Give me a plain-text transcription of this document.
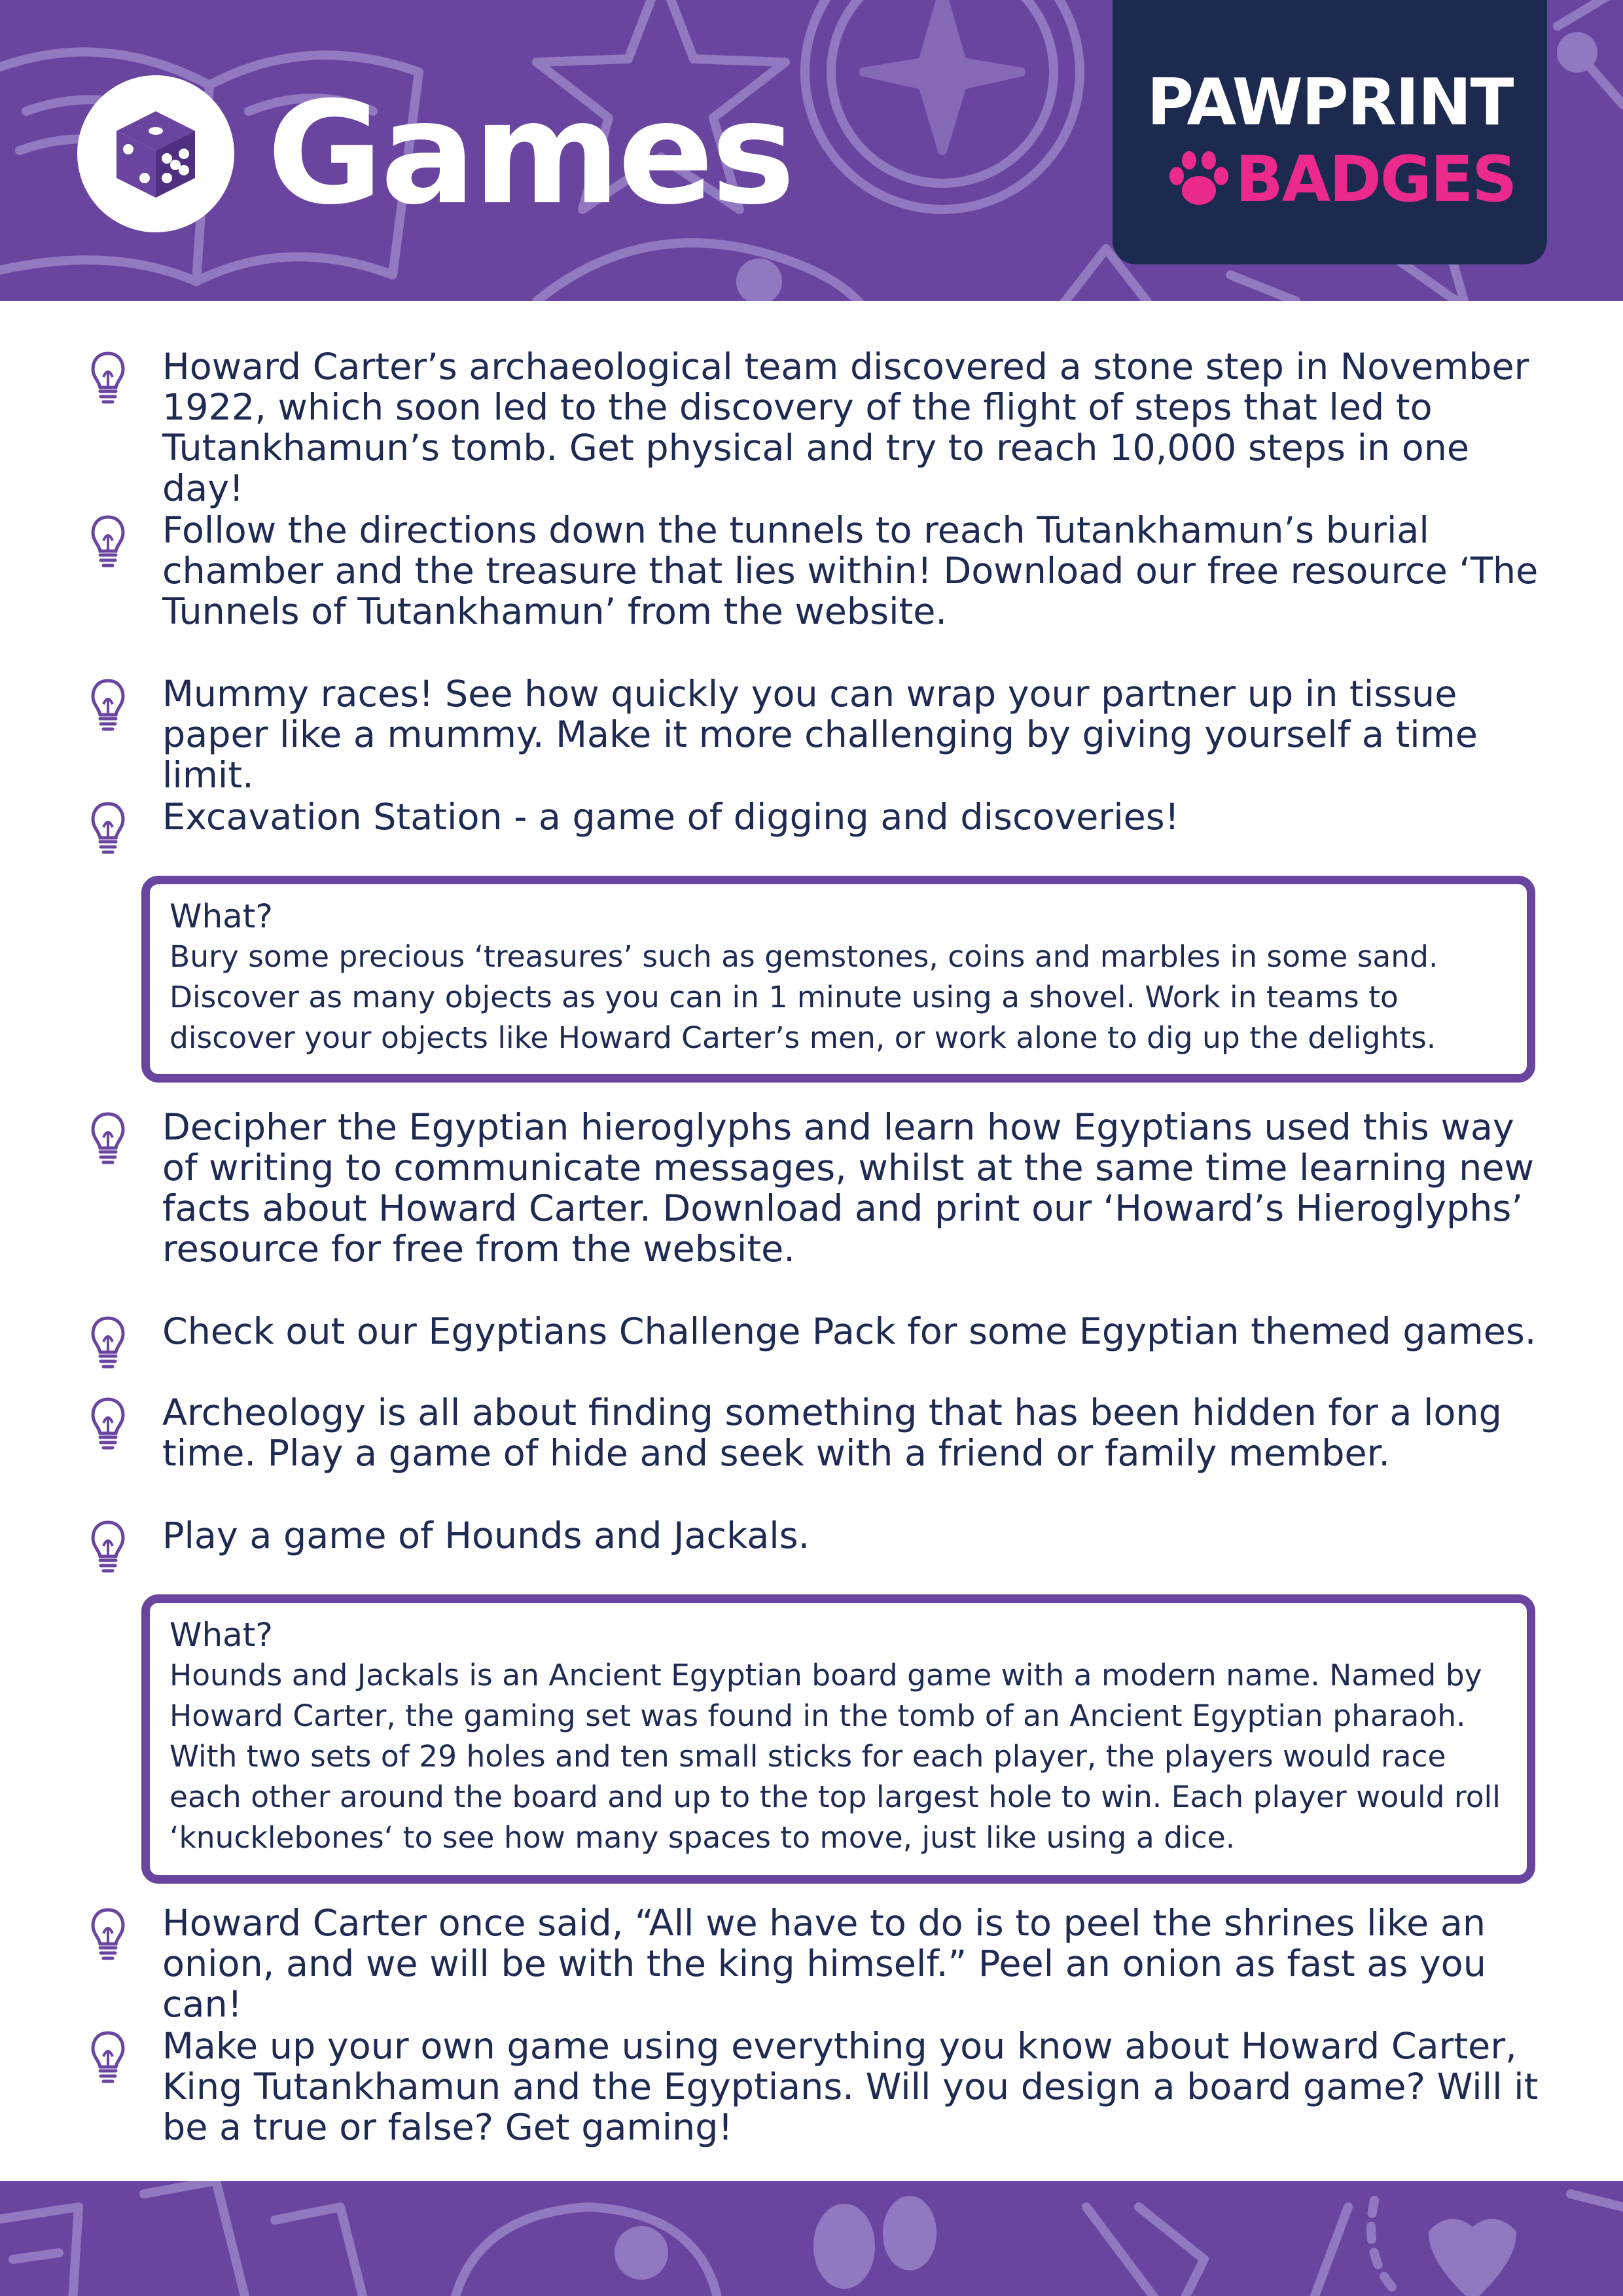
Games	PAWPRINT
BADGES
Howard Carter’s archaeological team discovered a stone step in November 1922, which soon led to the discovery of the flight of steps that led to Tutankhamun’s tomb. Get physical and try to reach 10,000 steps in one day!
Follow the directions down the tunnels to reach Tutankhamun’s burial chamber and the treasure that lies within! Download our free resource ‘The Tunnels of Tutankhamun’ from the website.
Mummy races! See how quickly you can wrap your partner up in tissue paper like a mummy. Make it more challenging by giving yourself a time limit.
Excavation Station - a game of digging and discoveries!
What?
Bury some precious ‘treasures’ such as gemstones, coins and marbles in some sand. Discover as many objects as you can in 1 minute using a shovel. Work in teams to discover your objects like Howard Carter’s men, or work alone to dig up the delights.
Decipher the Egyptian hieroglyphs and learn how Egyptians used this way of writing to communicate messages, whilst at the same time learning new facts about Howard Carter. Download and print our ‘Howard’s Hieroglyphs’ resource for free from the website.
Check out our Egyptians Challenge Pack for some Egyptian themed games.
Archeology is all about finding something that has been hidden for a long time. Play a game of hide and seek with a friend or family member.
Play a game of Hounds and Jackals.
What?
Hounds and Jackals is an Ancient Egyptian board game with a modern name. Named by Howard Carter, the gaming set was found in the tomb of an Ancient Egyptian pharaoh. With two sets of 29 holes and ten small sticks for each player, the players would race each other around the board and up to the top largest hole to win. Each player would roll ‘knucklebones‘ to see how many spaces to move, just like using a dice.
Howard Carter once said, “All we have to do is to peel the shrines like an onion, and we will be with the king himself.” Peel an onion as fast as you can!
Make up your own game using everything you know about Howard Carter, King Tutankhamun and the Egyptians. Will you design a board game? Will it be a true or false? Get gaming!
